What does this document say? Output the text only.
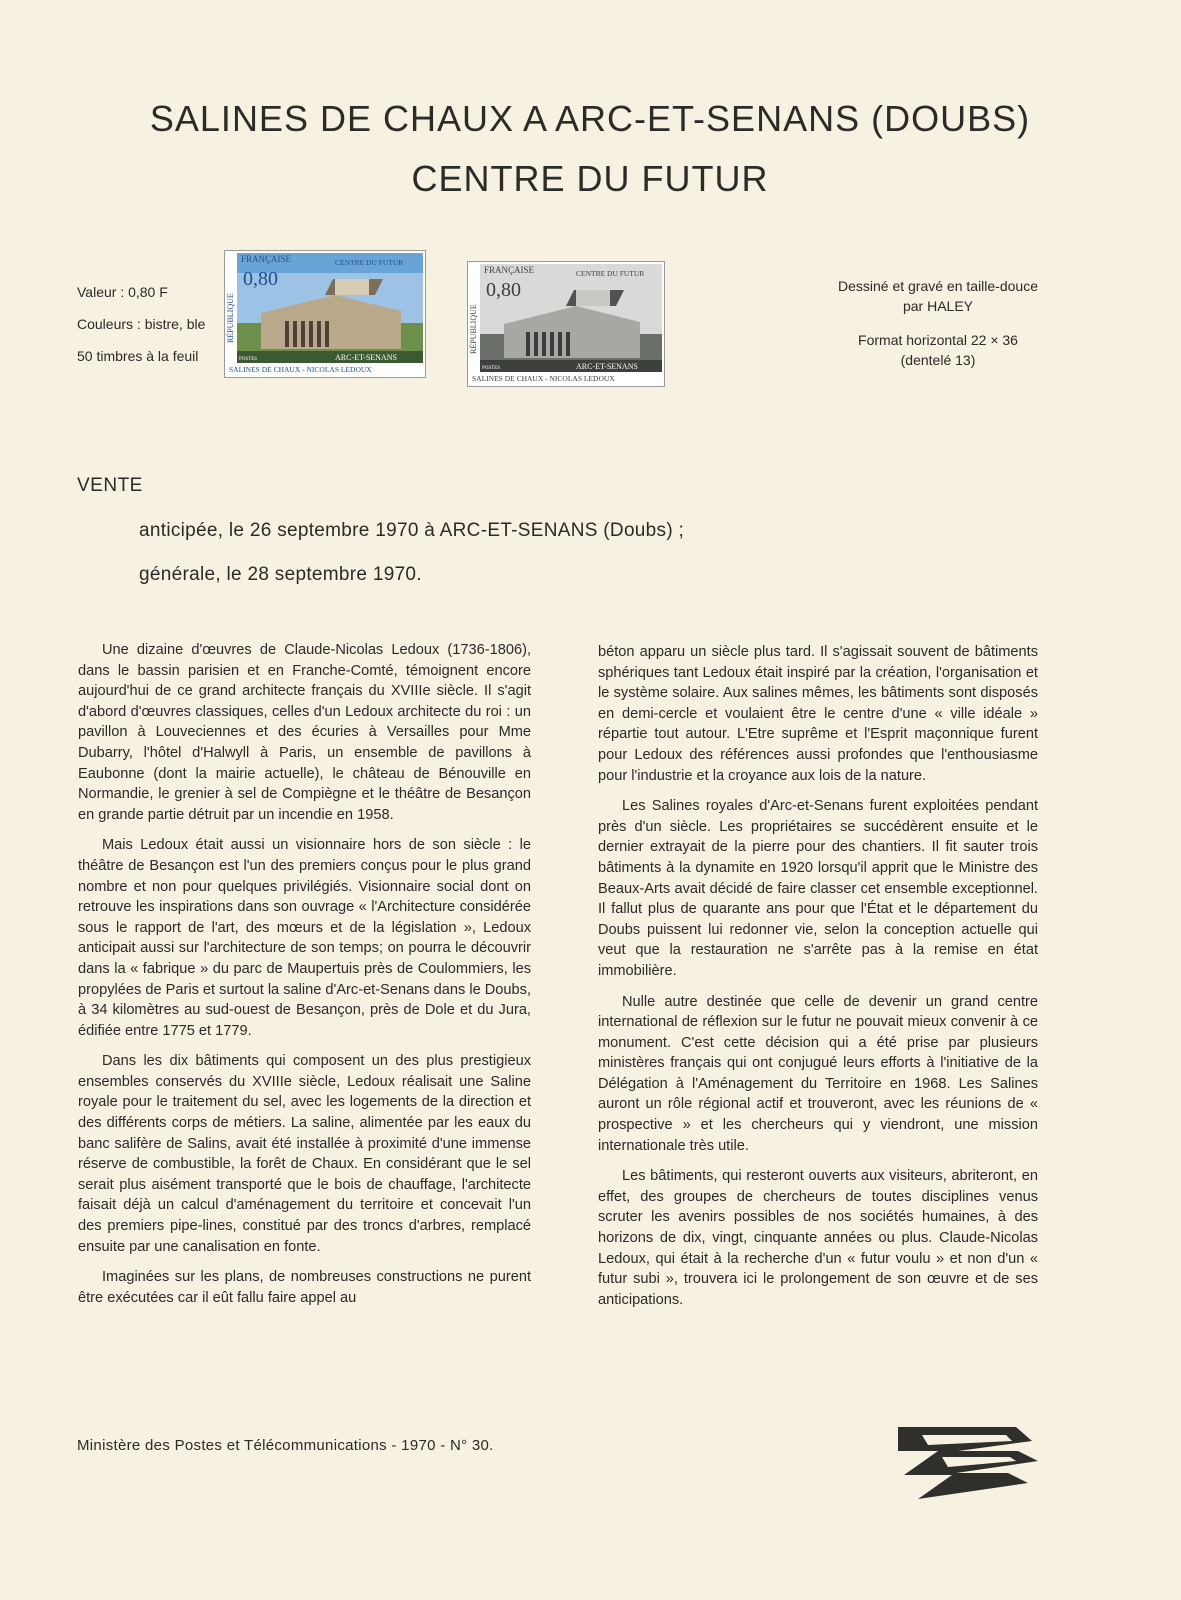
SALINES DE CHAUX A ARC-ET-SENANS (DOUBS)
CENTRE DU FUTUR
Valeur : 0,80 F
Couleurs : bistre, ble
50 timbres à la feuil
FRANÇAISE
0,80
CENTRE DU FUTUR
RÉPUBLIQUE
POSTES	ARC-ET-SENANS
SALINES DE CHAUX - NICOLAS LEDOUX
FRANÇAISE
0,80
CENTRE DU FUTUR
RÉPUBLIQUE
POSTES	ARC-ET-SENANS
SALINES DE CHAUX - NICOLAS LEDOUX
Dessiné et gravé en taille-douce
par HALEY
Format horizontal 22 × 36
(dentelé 13)
VENTE
anticipée, le 26 septembre 1970 à ARC-ET-SENANS (Doubs) ;
générale, le 28 septembre 1970.

Une dizaine d'œuvres de Claude-Nicolas Ledoux (1736-1806), dans le bassin parisien et en Franche-Comté, témoignent encore aujourd'hui de ce grand architecte français du XVIIIe siècle. Il s'agit d'abord d'œuvres classiques, celles d'un Ledoux architecte du roi : un pavillon à Louveciennes et des écuries à Versailles pour Mme Dubarry, l'hôtel d'Halwyll à Paris, un ensemble de pavillons à Eaubonne (dont la mairie actuelle), le château de Bénouville en Normandie, le grenier à sel de Compiègne et le théâtre de Besançon en grande partie détruit par un incendie en 1958.

Mais Ledoux était aussi un visionnaire hors de son siècle : le théâtre de Besançon est l'un des premiers conçus pour le plus grand nombre et non pour quelques privilégiés. Visionnaire social dont on retrouve les inspirations dans son ouvrage « l'Architecture considérée sous le rapport de l'art, des mœurs et de la législation », Ledoux anticipait aussi sur l'architecture de son temps; on pourra le découvrir dans la « fabrique » du parc de Maupertuis près de Coulommiers, les propylées de Paris et surtout la saline d'Arc-et-Senans dans le Doubs, à 34 kilomètres au sud-ouest de Besançon, près de Dole et du Jura, édifiée entre 1775 et 1779.

Dans les dix bâtiments qui composent un des plus prestigieux ensembles conservés du XVIIIe siècle, Ledoux réalisait une Saline royale pour le traitement du sel, avec les logements de la direction et des différents corps de métiers. La saline, alimentée par les eaux du banc salifère de Salins, avait été installée à proximité d'une immense réserve de combustible, la forêt de Chaux. En considérant que le sel serait plus aisément transporté que le bois de chauffage, l'architecte faisait déjà un calcul d'aménagement du territoire et concevait l'un des premiers pipe-lines, constitué par des troncs d'arbres, remplacé ensuite par une canalisation en fonte.

Imaginées sur les plans, de nombreuses constructions ne purent être exécutées car il eût fallu faire appel au

béton apparu un siècle plus tard. Il s'agissait souvent de bâtiments sphériques tant Ledoux était inspiré par la création, l'organisation et le système solaire. Aux salines mêmes, les bâtiments sont disposés en demi-cercle et voulaient être le centre d'une « ville idéale » répartie tout autour. L'Etre suprême et l'Esprit maçonnique furent pour Ledoux des références aussi profondes que l'enthousiasme pour l'industrie et la croyance aux lois de la nature.

Les Salines royales d'Arc-et-Senans furent exploitées pendant près d'un siècle. Les propriétaires se succédèrent ensuite et le dernier extrayait de la pierre pour des chantiers. Il fit sauter trois bâtiments à la dynamite en 1920 lorsqu'il apprit que le Ministre des Beaux-Arts avait décidé de faire classer cet ensemble exceptionnel. Il fallut plus de quarante ans pour que l'État et le département du Doubs puissent lui redonner vie, selon la conception actuelle qui veut que la restauration ne s'arrête pas à la remise en état immobilière.

Nulle autre destinée que celle de devenir un grand centre international de réflexion sur le futur ne pouvait mieux convenir à ce monument. C'est cette décision qui a été prise par plusieurs ministères français qui ont conjugué leurs efforts à l'initiative de la Délégation à l'Aménagement du Territoire en 1968. Les Salines auront un rôle régional actif et trouveront, avec les réunions de « prospective » et les chercheurs qui y viendront, une mission internationale très utile.

Les bâtiments, qui resteront ouverts aux visiteurs, abriteront, en effet, des groupes de chercheurs de toutes disciplines venus scruter les avenirs possibles de nos sociétés humaines, à des horizons de dix, vingt, cinquante années ou plus. Claude-Nicolas Ledoux, qui était à la recherche d'un « futur voulu » et non d'un « futur subi », trouvera ici le prolongement de son œuvre et de ses anticipations.

Ministère des Postes et Télécommunications - 1970 - N° 30.
